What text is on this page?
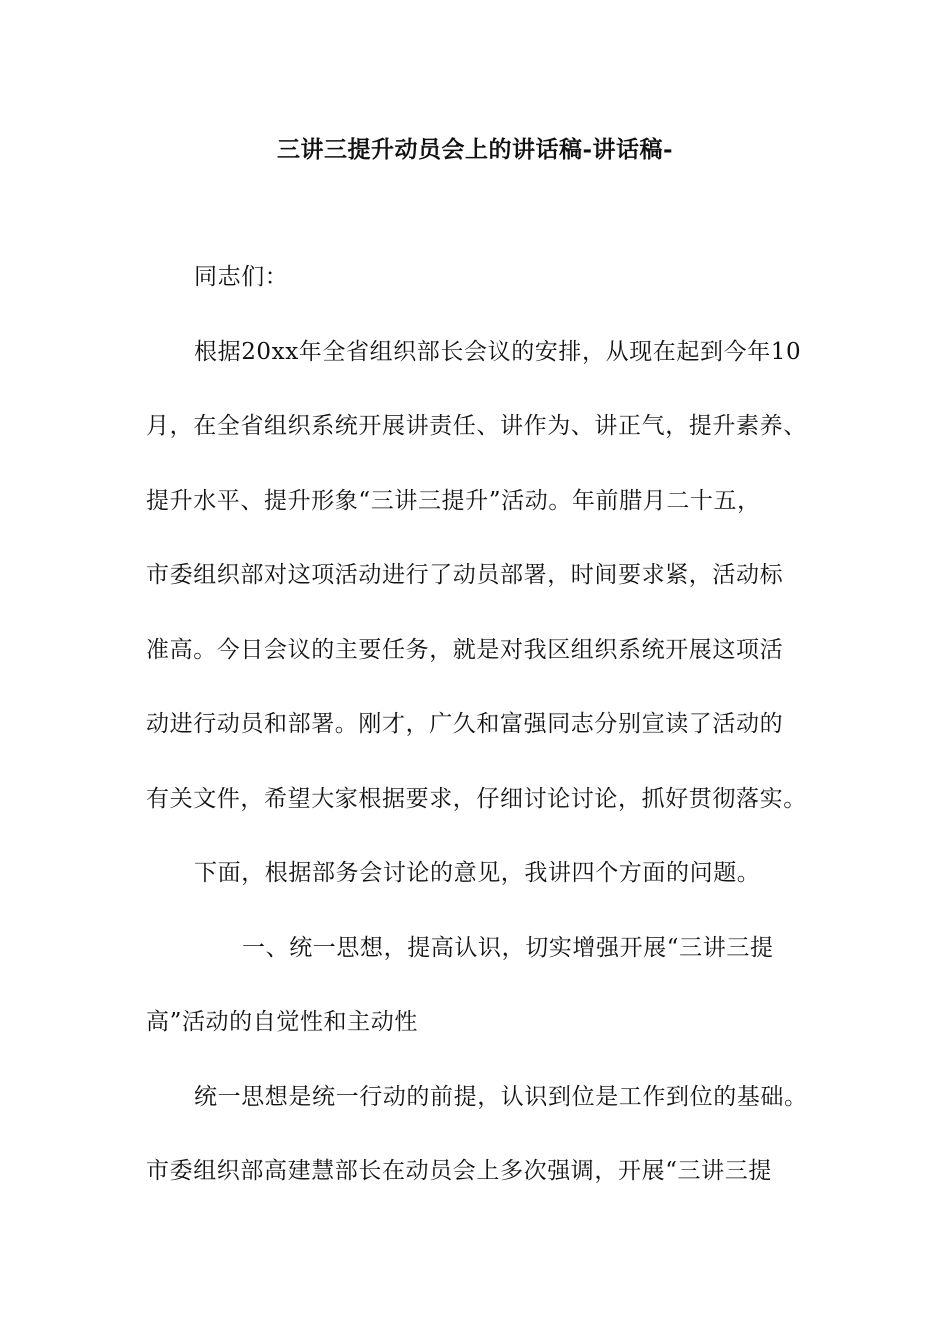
三讲三提升动员会上的讲话稿-讲话稿-
同志们：
根据20xx年全省组织部长会议的安排，从现在起到今年10
月，在全省组织系统开展讲责任、讲作为、讲正气，提升素养、
提升水平、提升形象“三讲三提升”活动。年前腊月二十五，
市委组织部对这项活动进行了动员部署，时间要求紧，活动标
准高。今日会议的主要任务，就是对我区组织系统开展这项活
动进行动员和部署。刚才，广久和富强同志分别宣读了活动的
有关文件，希望大家根据要求，仔细讨论讨论，抓好贯彻落实。
下面，根据部务会讨论的意见，我讲四个方面的问题。
一、统一思想，提高认识，切实增强开展“三讲三提
高”活动的自觉性和主动性
统一思想是统一行动的前提，认识到位是工作到位的基础。
市委组织部高建慧部长在动员会上多次强调，开展“三讲三提
